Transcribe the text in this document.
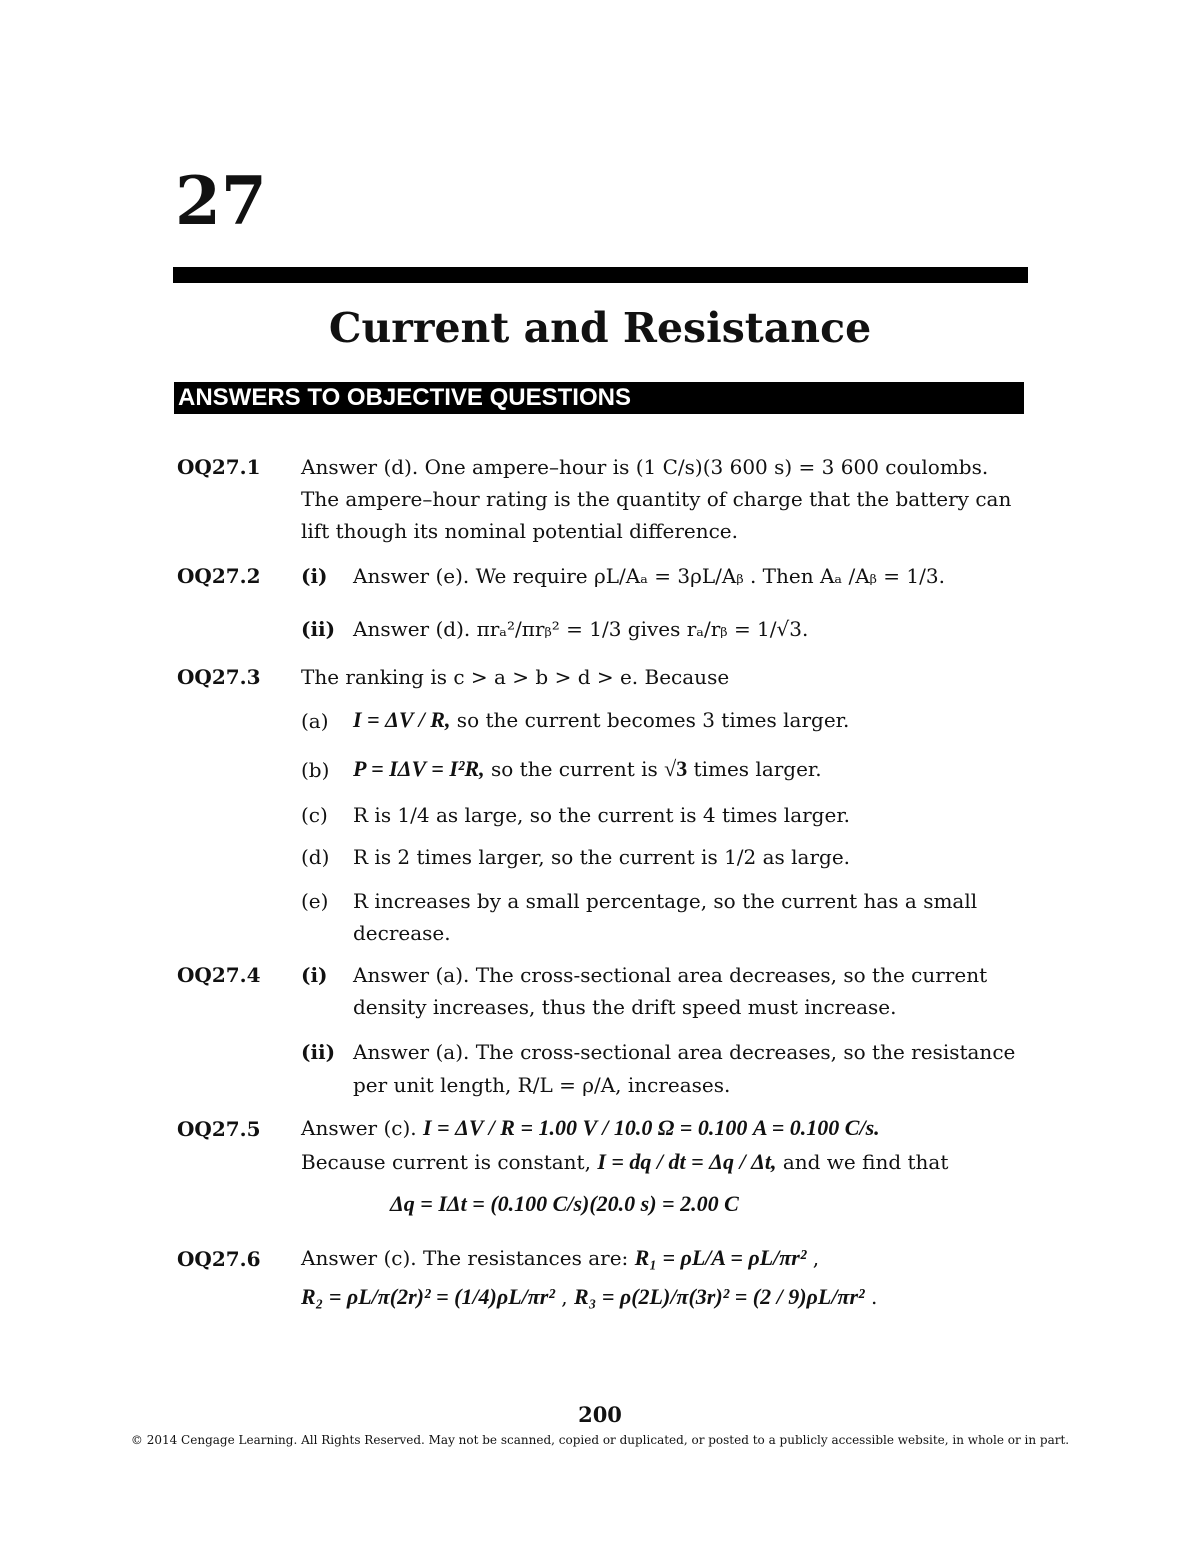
27
Current and Resistance
ANSWERS TO OBJECTIVE QUESTIONS
OQ27.1 Answer (d). One ampere–hour is (1 C/s)(3 600 s) = 3 600 coulombs.
The ampere–hour rating is the quantity of charge that the battery can
lift though its nominal potential difference.
OQ27.2 (i) Answer (e). We require ρL/Aₐ = 3ρL/Aᵦ . Then Aₐ /Aᵦ = 1/3.
(ii) Answer (d). πrₐ²/πrᵦ² = 1/3 gives rₐ/rᵦ = 1/√3.
OQ27.3 The ranking is c > a > b > d > e. Because
(a) I = ΔV / R, so the current becomes 3 times larger.
(b) P = IΔV = I²R, so the current is √3 times larger.
(c) R is 1/4 as large, so the current is 4 times larger.
(d) R is 2 times larger, so the current is 1/2 as large.
(e) R increases by a small percentage, so the current has a small
decrease.
OQ27.4 (i) Answer (a). The cross-sectional area decreases, so the current
density increases, thus the drift speed must increase.
(ii) Answer (a). The cross-sectional area decreases, so the resistance
per unit length, R/L = ρ/A, increases.
OQ27.5 Answer (c). I = ΔV / R = 1.00 V / 10.0 Ω = 0.100 A = 0.100 C/s.
Because current is constant, I = dq / dt = Δq / Δt, and we find that
Δq = IΔt = (0.100 C/s)(20.0 s) = 2.00 C
OQ27.6 Answer (c). The resistances are: R₁ = ρL/A = ρL/πr² ,
R₂ = ρL/π(2r)² = (1/4)ρL/πr² , R₃ = ρ(2L)/π(3r)² = (2 / 9)ρL/πr² .
200
© 2014 Cengage Learning. All Rights Reserved. May not be scanned, copied or duplicated, or posted to a publicly accessible website, in whole or in part.
